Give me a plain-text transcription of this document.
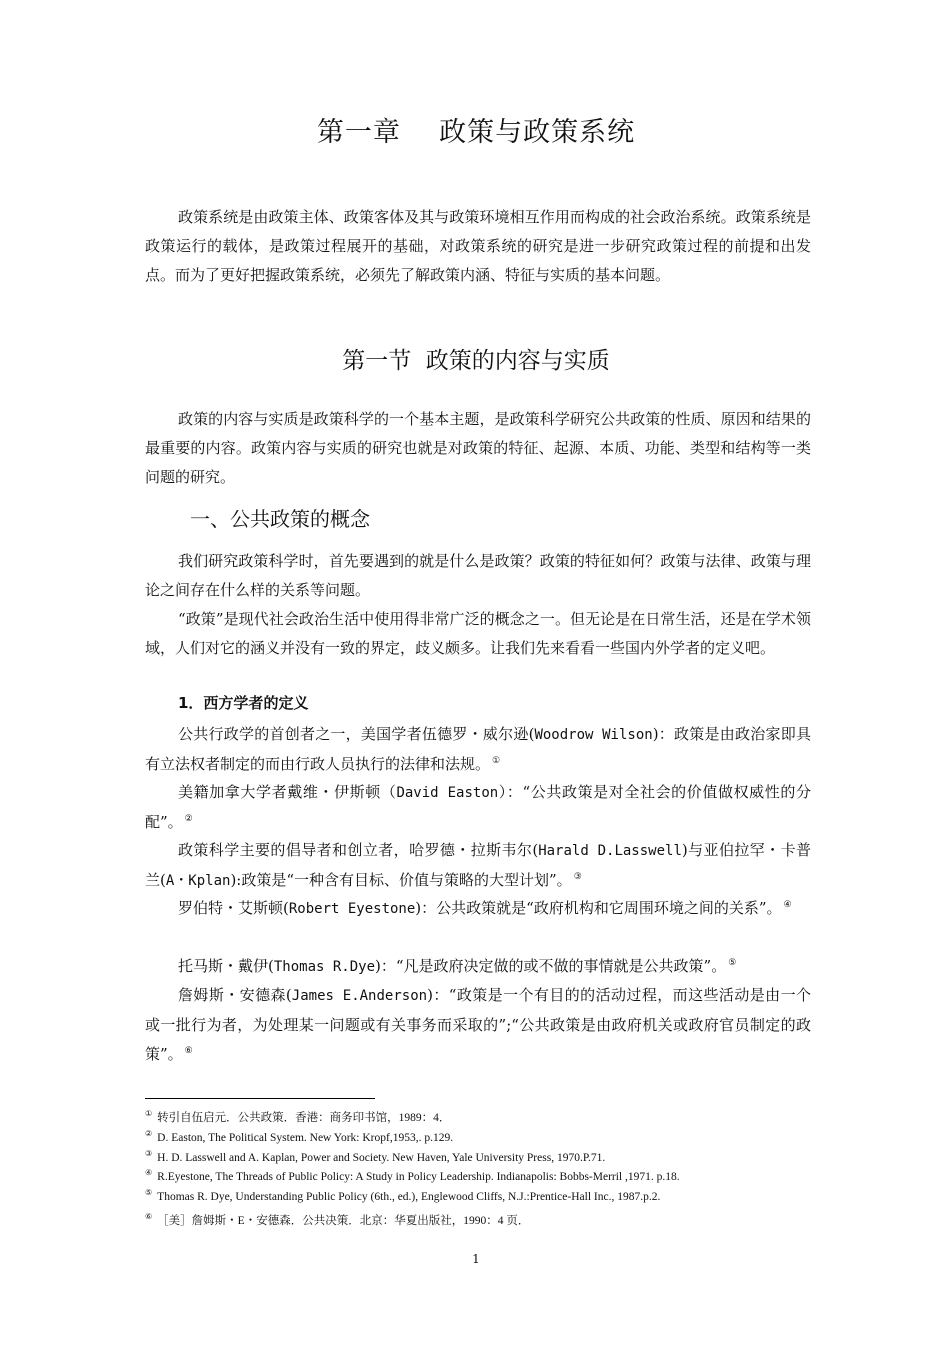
第一章    政策与政策系统
政策系统是由政策主体、政策客体及其与政策环境相互作用而构成的社会政治系统。政策系统是政策运行的载体，是政策过程展开的基础，对政策系统的研究是进一步研究政策过程的前提和出发点。而为了更好把握政策系统，必须先了解政策内涵、特征与实质的基本问题。
第一节  政策的内容与实质
政策的内容与实质是政策科学的一个基本主题，是政策科学研究公共政策的性质、原因和结果的最重要的内容。政策内容与实质的研究也就是对政策的特征、起源、本质、功能、类型和结构等一类问题的研究。
一、公共政策的概念
我们研究政策科学时，首先要遇到的就是什么是政策？政策的特征如何？政策与法律、政策与理论之间存在什么样的关系等问题。
“政策”是现代社会政治生活中使用得非常广泛的概念之一。但无论是在日常生活，还是在学术领域，人们对它的涵义并没有一致的界定，歧义颇多。让我们先来看看一些国内外学者的定义吧。
1．西方学者的定义
公共行政学的首创者之一，美国学者伍德罗・威尔逊(Woodrow Wilson)：政策是由政治家即具有立法权者制定的而由行政人员执行的法律和法规。 ①
美籍加拿大学者戴维・伊斯顿（David Easton）：“公共政策是对全社会的价值做权威性的分配”。 ②
政策科学主要的倡导者和创立者，哈罗德・拉斯韦尔(Harald D.Lasswell)与亚伯拉罕・卡普兰(A・Kplan):政策是“一种含有目标、价值与策略的大型计划”。 ③
罗伯特・艾斯顿(Robert Eyestone)：公共政策就是“政府机构和它周围环境之间的关系”。 ④
托马斯・戴伊(Thomas R.Dye)：“凡是政府决定做的或不做的事情就是公共政策”。 ⑤
詹姆斯・安德森(James E.Anderson)：“政策是一个有目的的活动过程，而这些活动是由一个或一批行为者，为处理某一问题或有关事务而采取的”;“公共政策是由政府机关或政府官员制定的政策”。 ⑥
① 转引自伍启元．公共政策．香港：商务印书馆，1989：4．
② D. Easton, The Political System. New York: Kropf,1953,. p.129.
③ H. D. Lasswell and A. Kaplan, Power and Society. New Haven, Yale University Press, 1970.P.71.
④ R.Eyestone, The Threads of Public Policy: A Study in Policy Leadership. Indianapolis: Bobbs-Merril ,1971. p.18.
⑤ Thomas R. Dye, Understanding Public Policy (6th., ed.), Englewood Cliffs, N.J.:Prentice-Hall Inc., 1987.p.2.
⑥ ［美］詹姆斯・E・安德森．公共决策．北京：华夏出版社，1990：4 页．
1
